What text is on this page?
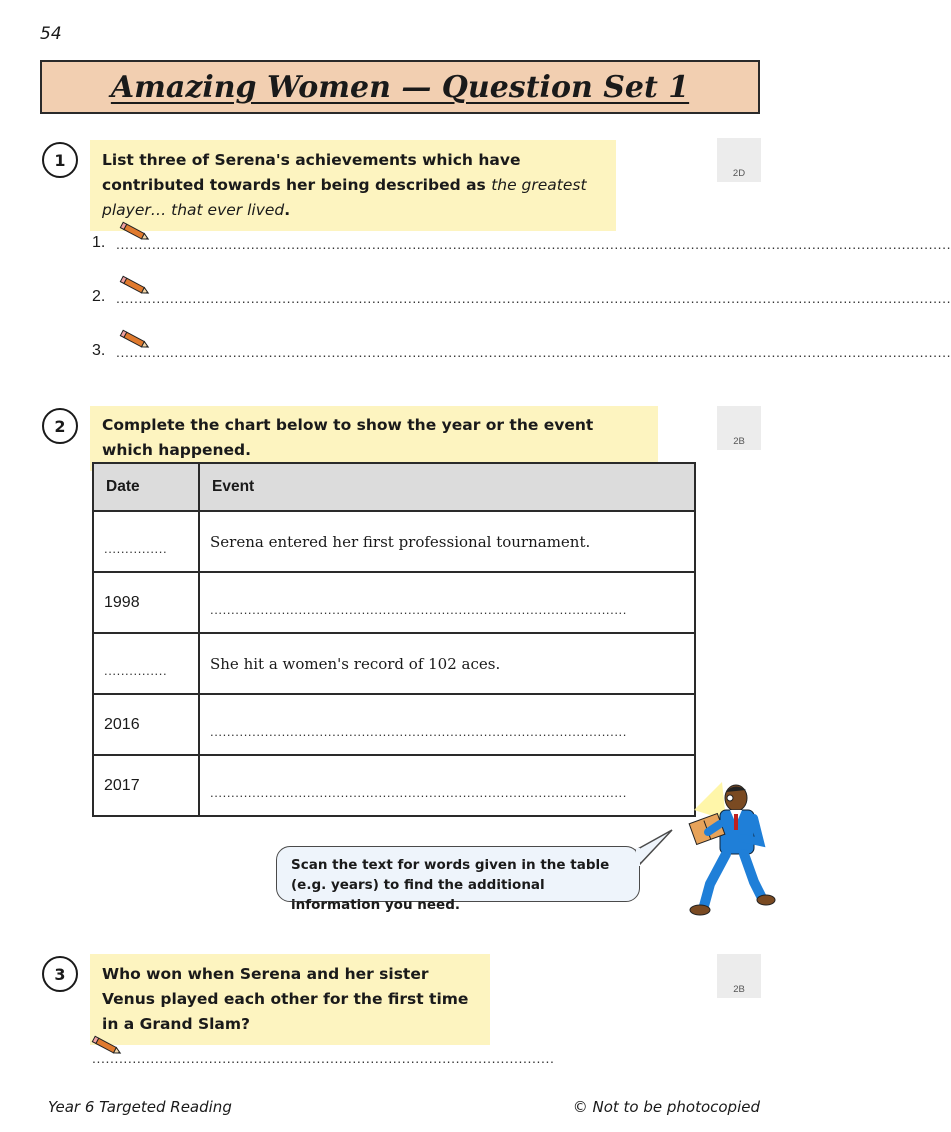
54
Amazing Women — Question Set 1
1	List three of Serena's achievements which have contributed towards her being described as the greatest player… that ever lived.
2D
1. ..........................................................................................................................................................................................
2. ..........................................................................................................................................................................................
3. ..........................................................................................................................................................................................
2	Complete the chart below to show the year or the event which happened.	2B
Date	Event

...............	Serena entered her first professional tournament.
1998	...................................................................................................

...............	She hit a women's record of 102 aces.
2016	...................................................................................................

2017	...................................................................................................
Scan the text for words given in the table (e.g. years) to find the additional information you need.
3	Who won when Serena and her sister Venus played each other for the first time in a Grand Slam?
2B
.......................................................................................................
Year 6 Targeted Reading	© Not to be photocopied
